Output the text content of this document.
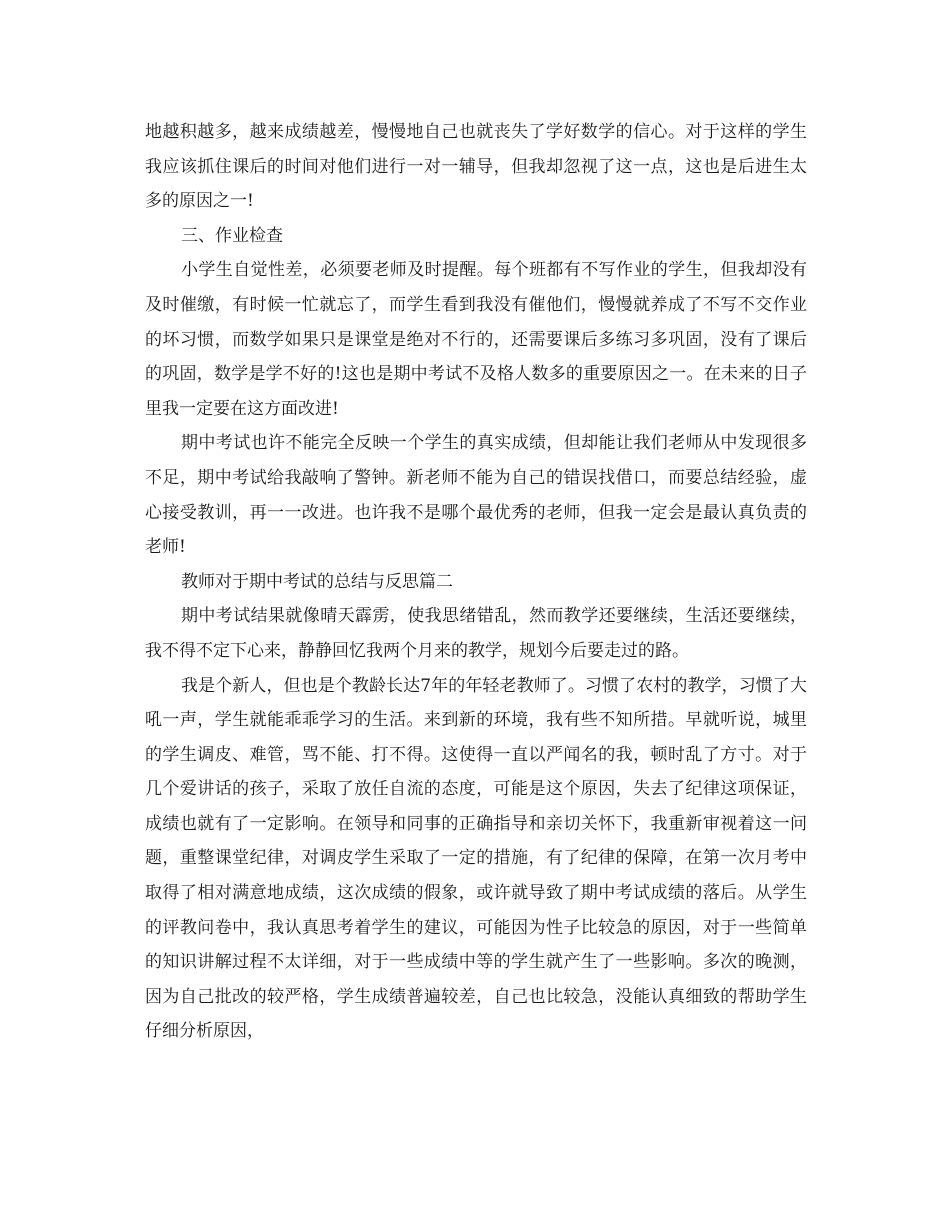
地越积越多，越来成绩越差，慢慢地自己也就丧失了学好数学的信心。对于这样的学生我应该抓住课后的时间对他们进行一对一辅导，但我却忽视了这一点，这也是后进生太多的原因之一!

三、作业检查

小学生自觉性差，必须要老师及时提醒。每个班都有不写作业的学生，但我却没有及时催缴，有时候一忙就忘了，而学生看到我没有催他们，慢慢就养成了不写不交作业的坏习惯，而数学如果只是课堂是绝对不行的，还需要课后多练习多巩固，没有了课后的巩固，数学是学不好的!这也是期中考试不及格人数多的重要原因之一。在未来的日子里我一定要在这方面改进!

期中考试也许不能完全反映一个学生的真实成绩，但却能让我们老师从中发现很多不足，期中考试给我敲响了警钟。新老师不能为自己的错误找借口，而要总结经验，虚心接受教训，再一一改进。也许我不是哪个最优秀的老师，但我一定会是最认真负责的老师!

教师对于期中考试的总结与反思篇二

期中考试结果就像晴天霹雳，使我思绪错乱，然而教学还要继续，生活还要继续，我不得不定下心来，静静回忆我两个月来的教学，规划今后要走过的路。

我是个新人，但也是个教龄长达7年的年轻老教师了。习惯了农村的教学，习惯了大吼一声，学生就能乖乖学习的生活。来到新的环境，我有些不知所措。早就听说，城里的学生调皮、难管，骂不能、打不得。这使得一直以严闻名的我，顿时乱了方寸。对于几个爱讲话的孩子，采取了放任自流的态度，可能是这个原因，失去了纪律这项保证，成绩也就有了一定影响。在领导和同事的正确指导和亲切关怀下，我重新审视着这一问题，重整课堂纪律，对调皮学生采取了一定的措施，有了纪律的保障，在第一次月考中取得了相对满意地成绩，这次成绩的假象，或许就导致了期中考试成绩的落后。从学生的评教问卷中，我认真思考着学生的建议，可能因为性子比较急的原因，对于一些简单的知识讲解过程不太详细，对于一些成绩中等的学生就产生了一些影响。多次的晚测，因为自己批改的较严格，学生成绩普遍较差，自己也比较急，没能认真细致的帮助学生仔细分析原因，
